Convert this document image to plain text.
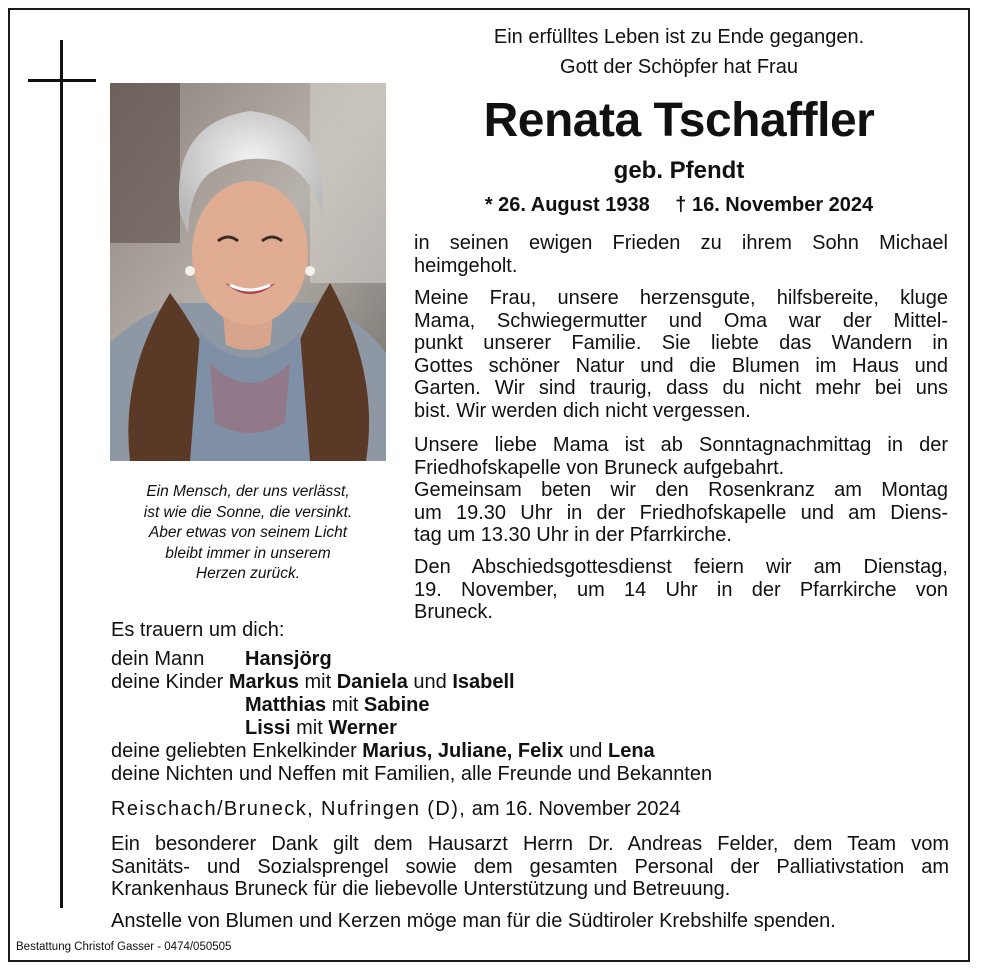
Ein Mensch, der uns verlässt,
ist wie die Sonne, die versinkt.
Aber etwas von seinem Licht
bleibt immer in unserem
Herzen zurück.
Ein erfülltes Leben ist zu Ende gegangen.
Gott der Schöpfer hat Frau
Renata Tschaffler
geb. Pfendt
* 26. August 1938 † 16. November 2024
in seinen ewigen Frieden zu ihrem Sohn Michael
heimgeholt.
Meine Frau, unsere herzensgute, hilfsbereite, kluge
Mama, Schwiegermutter und Oma war der Mittel-
punkt unserer Familie. Sie liebte das Wandern in
Gottes schöner Natur und die Blumen im Haus und
Garten. Wir sind traurig, dass du nicht mehr bei uns
bist. Wir werden dich nicht vergessen.
Unsere liebe Mama ist ab Sonntagnachmittag in der
Friedhofskapelle von Bruneck aufgebahrt.
Gemeinsam beten wir den Rosenkranz am Montag
um 19.30 Uhr in der Friedhofskapelle und am Diens-
tag um 13.30 Uhr in der Pfarrkirche.
Den Abschiedsgottesdienst feiern wir am Dienstag,
19. November, um 14 Uhr in der Pfarrkirche von
Bruneck.
Es trauern um dich:
dein Mann Hansjörg
deine Kinder Markus mit Daniela und Isabell
Matthias mit Sabine
Lissi mit Werner
deine geliebten Enkelkinder Marius, Juliane, Felix und Lena
deine Nichten und Neffen mit Familien, alle Freunde und Bekannten
Reischach/Bruneck, Nufringen (D), am 16. November 2024
Ein besonderer Dank gilt dem Hausarzt Herrn Dr. Andreas Felder, dem Team vom
Sanitäts- und Sozialsprengel sowie dem gesamten Personal der Palliativstation am
Krankenhaus Bruneck für die liebevolle Unterstützung und Betreuung.
Anstelle von Blumen und Kerzen möge man für die Südtiroler Krebshilfe spenden.
Bestattung Christof Gasser - 0474/050505
